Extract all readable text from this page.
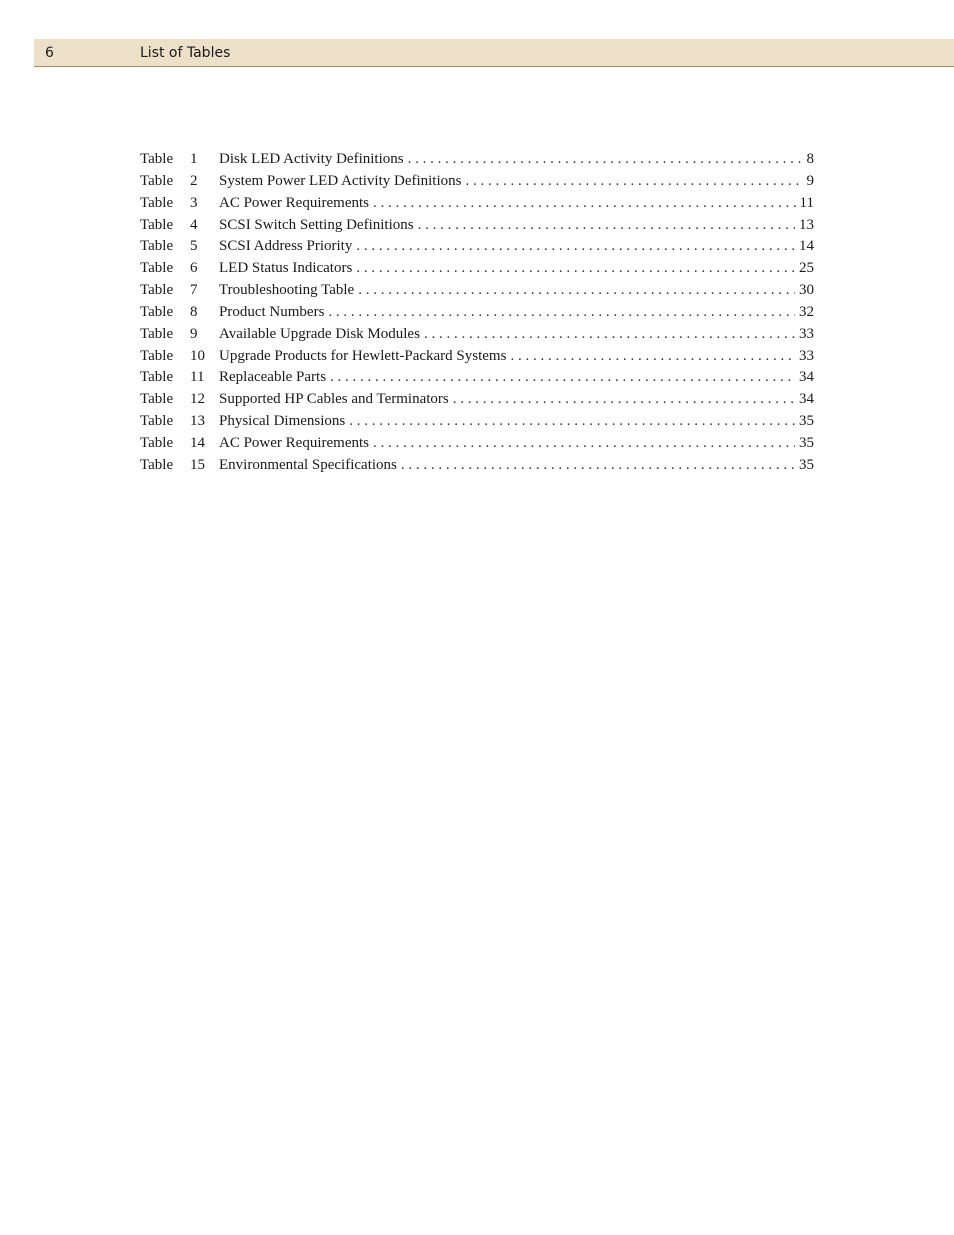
6	List of Tables
Table	1	Disk LED Activity Definitions . . .	8
Table	2	System Power LED Activity Definitions . . .	9
Table	3	AC Power Requirements . . .	11
Table	4	SCSI Switch Setting Definitions . . .	13
Table	5	SCSI Address Priority . . .	14
Table	6	LED Status Indicators . . .	25
Table	7	Troubleshooting Table . . .	30
Table	8	Product Numbers . . .	32
Table	9	Available Upgrade Disk Modules . . .	33
Table	10 Upgrade Products for Hewlett-Packard Systems . . .	33
Table	11 Replaceable Parts . . .	34
Table	12 Supported HP Cables and Terminators . . .	34
Table	13 Physical Dimensions . . .	35
Table	14 AC Power Requirements . . .	35
Table	15 Environmental Specifications . . .	35
